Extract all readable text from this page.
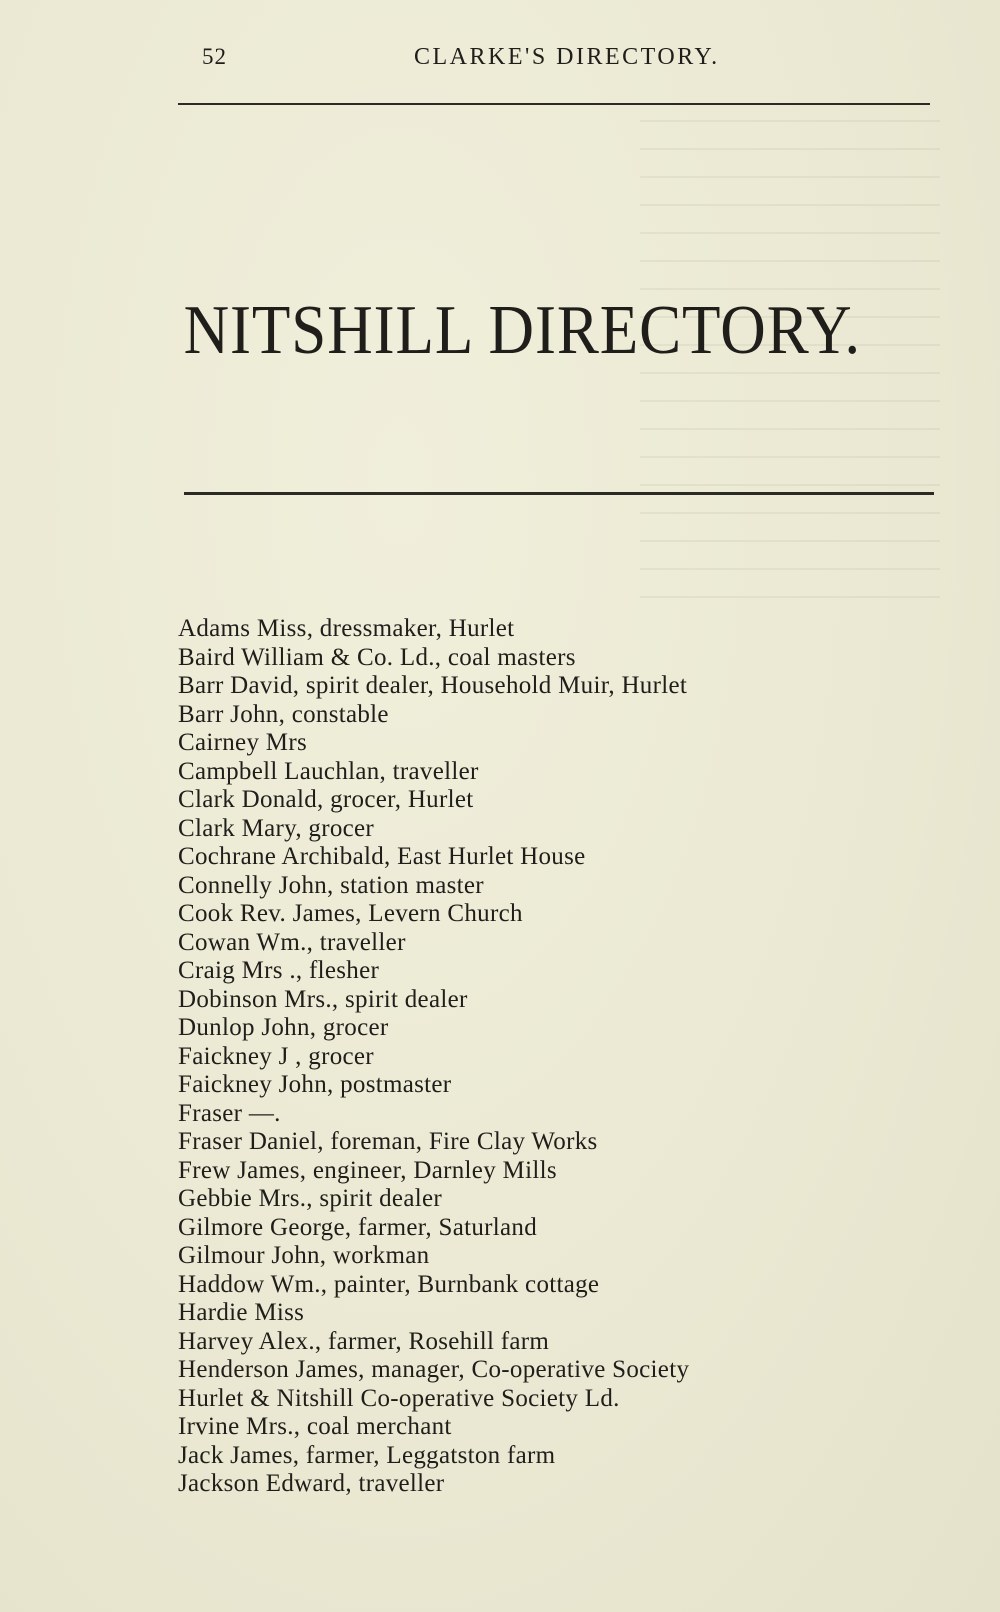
52	CLARKE'S DIRECTORY.
NITSHILL DIRECTORY.
Adams Miss, dressmaker, Hurlet
Baird William & Co. Ld., coal masters
Barr David, spirit dealer, Household Muir, Hurlet
Barr John, constable
Cairney Mrs
Campbell Lauchlan, traveller
Clark Donald, grocer, Hurlet
Clark Mary, grocer
Cochrane Archibald, East Hurlet House
Connelly John, station master
Cook Rev. James, Levern Church
Cowan Wm., traveller
Craig Mrs ., flesher
Dobinson Mrs., spirit dealer
Dunlop John, grocer
Faickney J , grocer
Faickney John, postmaster
Fraser —.
Fraser Daniel, foreman, Fire Clay Works
Frew James, engineer, Darnley Mills
Gebbie Mrs., spirit dealer
Gilmore George, farmer, Saturland
Gilmour John, workman
Haddow Wm., painter, Burnbank cottage
Hardie Miss
Harvey Alex., farmer, Rosehill farm
Henderson James, manager, Co-operative Society
Hurlet & Nitshill Co-operative Society Ld.
Irvine Mrs., coal merchant
Jack James, farmer, Leggatston farm
Jackson Edward, traveller
